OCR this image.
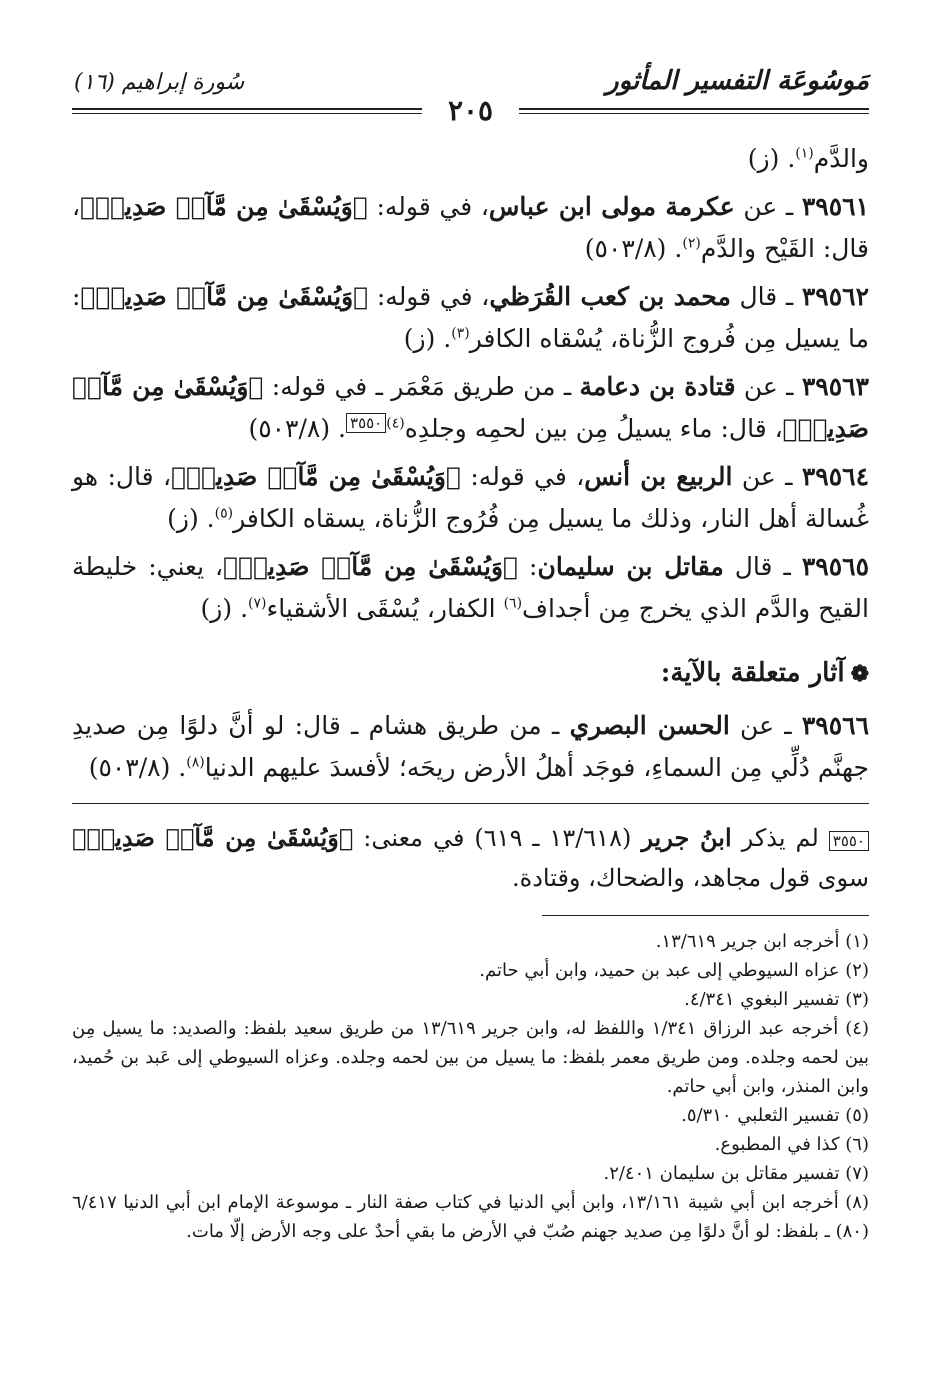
مَوسُوعَة التفسير المأثور
سُورة إبراهيم (١٦)
٢٠٥

والدَّم$^{(١)}$. (ز)

٣٩٥٦١ ـ عن عكرمة مولى ابن عباس، في قوله: ﴿وَيُسْقَىٰ مِن مَّآءٖ صَدِيدٖ﴾، قال: القَيْح والدَّم$^{(٢)}$. (٥٠٣/٨)

٣٩٥٦٢ ـ قال محمد بن كعب القُرَظي، في قوله: ﴿وَيُسْقَىٰ مِن مَّآءٖ صَدِيدٖ﴾: ما يسيل مِن فُروج الزُّناة، يُسْقاه الكافر$^{(٣)}$. (ز)

٣٩٥٦٣ ـ عن قتادة بن دعامة ـ من طريق مَعْمَر ـ في قوله: ﴿وَيُسْقَىٰ مِن مَّآءٖ صَدِيدٖ﴾، قال: ماء يسيلُ مِن بين لحمِه وجلدِه$^{(٤)}$٣٥٥٠. (٥٠٣/٨)

٣٩٥٦٤ ـ عن الربيع بن أنس، في قوله: ﴿وَيُسْقَىٰ مِن مَّآءٖ صَدِيدٖ﴾، قال: هو غُسالة أهل النار، وذلك ما يسيل مِن فُرُوج الزُّناة، يسقاه الكافر$^{(٥)}$. (ز)

٣٩٥٦٥ ـ قال مقاتل بن سليمان: ﴿وَيُسْقَىٰ مِن مَّآءٖ صَدِيدٖ﴾، يعني: خليطة القيح والدَّم الذي يخرج مِن أجداف$^{(٦)}$ الكفار، يُسْقَى الأشقياء$^{(٧)}$. (ز)

❁آثار متعلقة بالآية:

٣٩٥٦٦ ـ عن الحسن البصري ـ من طريق هشام ـ قال: لو أنَّ دلوًا مِن صديدِ جهنَّم دُلِّي مِن السماءِ، فوجَد أهلُ الأرض ريحَه؛ لأفسدَ عليهم الدنيا$^{(٨)}$. (٥٠٣/٨)

٣٥٥٠ لم يذكر ابنُ جرير (١٣/٦١٨ ـ ٦١٩) في معنى: ﴿وَيُسْقَىٰ مِن مَّآءٖ صَدِيدٖ﴾ سوى قول مجاهد، والضحاك، وقتادة.

(١) أخرجه ابن جرير ١٣/٦١٩.

(٢) عزاه السيوطي إلى عبد بن حميد، وابن أبي حاتم.

(٣) تفسير البغوي ٤/٣٤١.

(٤) أخرجه عبد الرزاق ١/٣٤١ واللفظ له، وابن جرير ١٣/٦١٩ من طريق سعيد بلفظ: والصديد: ما يسيل مِن بين لحمه وجلده. ومن طريق معمر بلفظ: ما يسيل من بين لحمه وجلده. وعزاه السيوطي إلى عَبد بن حُميد، وابن المنذر، وابن أبي حاتم.

(٥) تفسير الثعلبي ٥/٣١٠.

(٦) كذا في المطبوع.

(٧) تفسير مقاتل بن سليمان ٢/٤٠١.

(٨) أخرجه ابن أبي شيبة ١٣/١٦١، وابن أبي الدنيا في كتاب صفة النار ـ موسوعة الإمام ابن أبي الدنيا ٦/٤١٧ (٨٠) ـ بلفظ: لو أنَّ دلوًا مِن صديد جهنم صُبّ في الأرض ما بقي أحدٌ على وجه الأرض إلّا مات.
